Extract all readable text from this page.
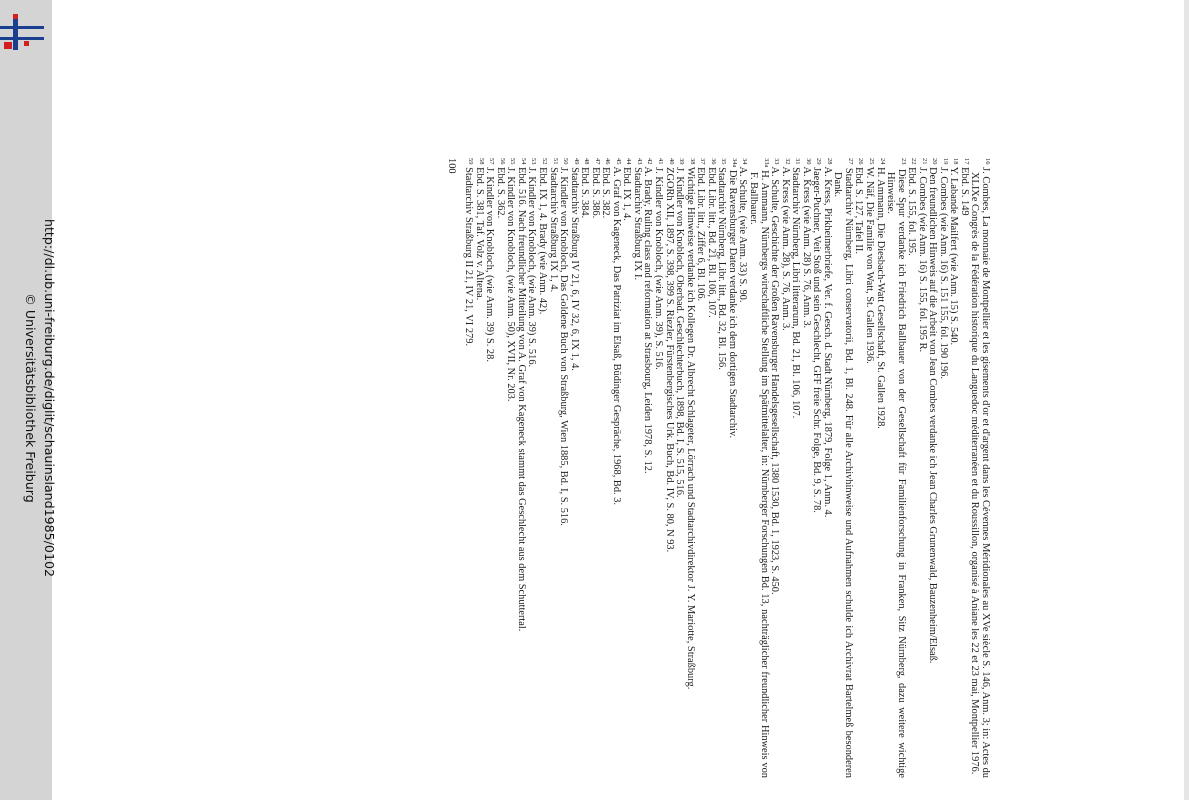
http://dl.ub.uni-freiburg.de/diglit/schauinsland1985/0102
© Universitätsbibliothek Freiburg

$^{16}$ J. Combes, La monnaie de Montpellier et les gisements d'or et d'argent dans les Cévennes Méridionales au XVe siècle S. 146, Anm. 3; in: Actes du XLIXe Congrès de la Fédération historique du Languedoc méditerranéen et du Roussillon, organisé à Aniane les 22 et 23 mai, Montpellier 1976.

$^{17}$ Ebd. S. 149

$^{18}$ Y. Labande Mailfert (wie Anm. 15) S. 540.

$^{19}$ J. Combes (wie Anm. 16) S. 151 155, fol. 190 196.

$^{20}$ Den freundlichen Hinweis auf die Arbeit von Jean Combes verdanke ich Jean Charles Grunenwald, Bauzenheim/Elsaß.

$^{21}$ J. Combes (wie Anm. 16) S. 155, fol. 195 R.

$^{22}$ Ebd. S. 155, fol. 195.

$^{23}$ Diese Spur verdanke ich Friedrich Ballbauer von der Gesellschaft für Familienforschung in Franken, Sitz Nürnberg, dazu weitere wichtige Hinweise.

$^{24}$ H. Ammann, Die Diesbach-Watt Gesellschaft, St. Gallen 1928.

$^{25}$ W. Näf, Die Familie von Watt, St. Gallen 1936.

$^{26}$ Ebd. S. 127, Tafel II.

$^{27}$ Stadtarchiv Nürnberg, Libri conservatorii, Bd. 1, Bl. 248. Für alle Archivhinweise und Aufnahmen schulde ich Archivrat Bartelmeß besonderen Dank.

$^{28}$ A. Kress, Pirkheimerbriefe, Ver. f. Gesch. d. Stadt Nürnberg, 1879, Folge 1, Anm. 4.

$^{29}$ Jaeger-Puchner, Veit Stoß und sein Geschlecht, GFF freie Schr. Folge, Bd. 9, S. 78.

$^{30}$ A. Kress (wie Anm. 28) S. 76, Anm. 3.

$^{31}$ Stadtarchiv Nürnberg, Libri litterarum, Bd. 21, Bl. 106, 107.

$^{32}$ A. Kress (wie Anm. 28), S. 76, Anm. 3.

$^{33}$ A. Schulte, Geschichte der Großen Ravensburger Handelsgesellschaft, 1380 1530, Bd. 1, 1923, S. 450.

$^{33a}$ H. Ammann, Nürnbergs wirtschaftliche Stellung im Spätmittelalter, in: Nürnberger Forschungen Bd. 13, nachträglicher freundlicher Hinweis von F. Ballbauer.

$^{34}$ A. Schulte, (wie Anm. 33) S. 90.

$^{34a}$ Die Ravensburger Daten verdanke ich dem dortigen Stadtarchiv.

$^{35}$ Stadtarchiv Nürnberg, Libr. litt., Bd. 32, Bl. 156.

$^{36}$ Ebd. Libr. litt., Bd. 21, Bl. 106, 107.

$^{37}$ Ebd. Libr. litt., Ziffer 6, Bl. 106.

$^{38}$ Wichtige Hinweise verdanke ich Kollegen Dr. Albrecht Schlageter, Lörrach und Stadtarchivdirektor J. Y. Mariotte, Straßburg.

$^{39}$ J. Kindler von Knobloch, Oberbad. Geschlechterbuch, 1898, Bd. I, S. 515, 516.

$^{40}$ ZGORh XII, 1897, S. 398, 399 S. Riezler, Fürstenbergisches Urk. Buch, Bd. IV, S. 80, N 93.

$^{41}$ J. Kindler von Knobloch, (wie Anm. 39), S. 516.

$^{42}$ A. Brady, Ruling class and reformation at Strasbourg, Leiden 1978, S. 12.

$^{43}$ Stadtarchiv Straßburg IX I.

$^{44}$ Ebd. IX 1, 4.

$^{45}$ A. Graf von Kageneck, Das Patriziat im Elsaß, Büdinger Gespräche, 1968, Bd. 3.

$^{46}$ Ebd. S. 382.

$^{47}$ Ebd. S. 386.

$^{48}$ Ebd. S. 384.

$^{49}$ Stadtarchiv Straßburg IV 21, 6, IV 32, 6, IX 1, 4.

$^{50}$ J. Kindler von Knobloch, Das Goldene Buch von Straßburg, Wien 1885, Bd. I, S. 516.

$^{51}$ Stadtarchiv Straßburg IX 1, 4.

$^{52}$ Ebd. IX 1, 4. Brady (wie Anm. 42).

$^{53}$ J. Kindler von Knobloch, (wie Anm. 39) S. 516.

$^{54}$ Ebd. 516. Nach freundlicher Mitteilung von A. Graf von Kageneck stammt das Geschlecht aus dem Schuttertal.

$^{55}$ J. Kindler von Knobloch, (wie Anm. 50), XVII, Nr. 203.

$^{56}$ Ebd. S. 362.

$^{57}$ J. Kindler von Knobloch, (wie Anm. 39) S. 28.

$^{58}$ Ebd. S. 381, Taf. Volz v. Altena.

$^{59}$ Stadtarchiv Straßburg II 21, IV 21, VI 279.

100
